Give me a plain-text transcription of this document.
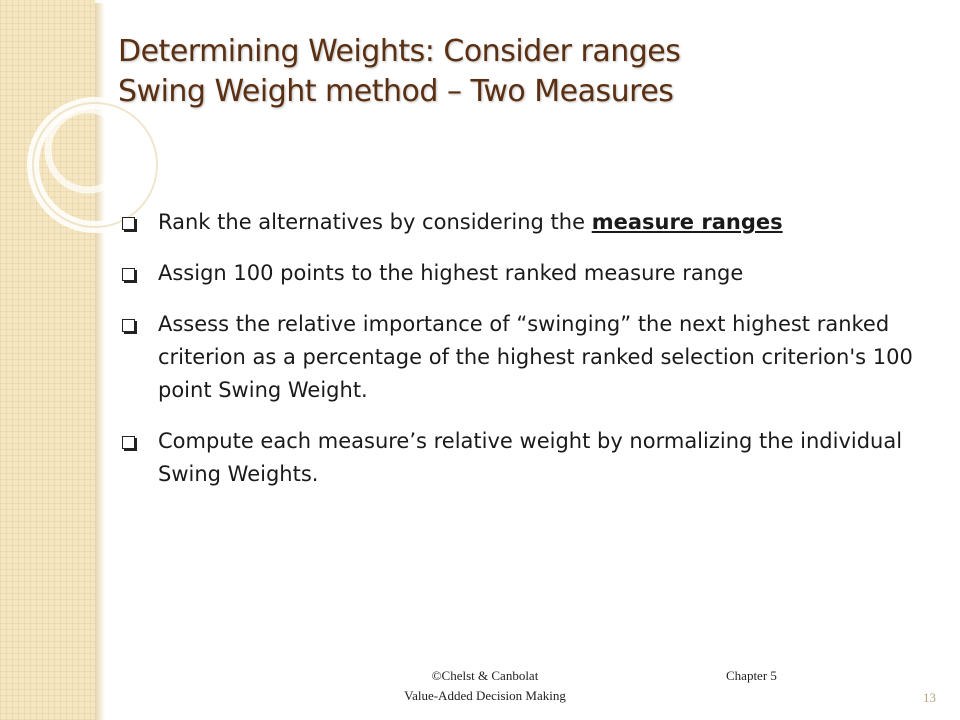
Determining Weights: Consider ranges
Swing Weight method – Two Measures
Rank the alternatives by considering the measure ranges
Assign 100 points to the highest ranked measure range
Assess the relative importance of “swinging” the next highest ranked criterion as a percentage of the highest ranked selection criterion's 100 point Swing Weight.
Compute each measure’s relative weight by normalizing the individual Swing Weights.
©Chelst & Canbolat
Value-Added Decision Making
Chapter 5
13
